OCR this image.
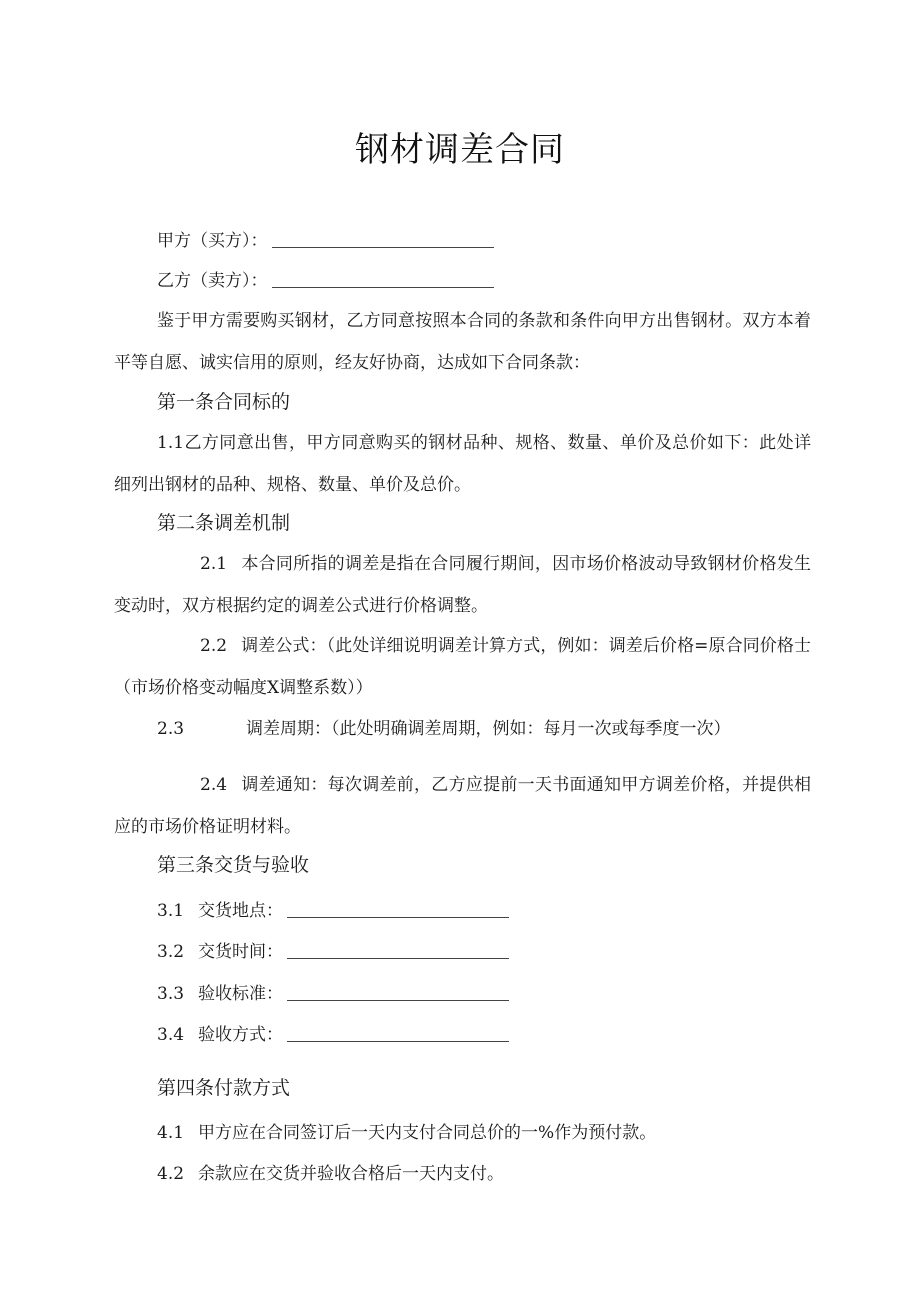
钢材调差合同
甲方（买方）：
乙方（卖方）：
鉴于甲方需要购买钢材，乙方同意按照本合同的条款和条件向甲方出售钢材。双方本着平等自愿、诚实信用的原则，经友好协商，达成如下合同条款：
第一条合同标的
1.1乙方同意出售，甲方同意购买的钢材品种、规格、数量、单价及总价如下：此处详细列出钢材的品种、规格、数量、单价及总价。
第二条调差机制
2.1 本合同所指的调差是指在合同履行期间，因市场价格波动导致钢材价格发生变动时，双方根据约定的调差公式进行价格调整。
2.2 调差公式：（此处详细说明调差计算方式，例如：调差后价格=原合同价格士（市场价格变动幅度X调整系数））
2.3	调差周期：（此处明确调差周期，例如：每月一次或每季度一次）
2.4 调差通知：每次调差前，乙方应提前一天书面通知甲方调差价格，并提供相应的市场价格证明材料。
第三条交货与验收
3.1 交货地点：
3.2 交货时间：
3.3 验收标准：
3.4 验收方式：
第四条付款方式
4.1 甲方应在合同签订后一天内支付合同总价的一%作为预付款。
4.2 余款应在交货并验收合格后一天内支付。
